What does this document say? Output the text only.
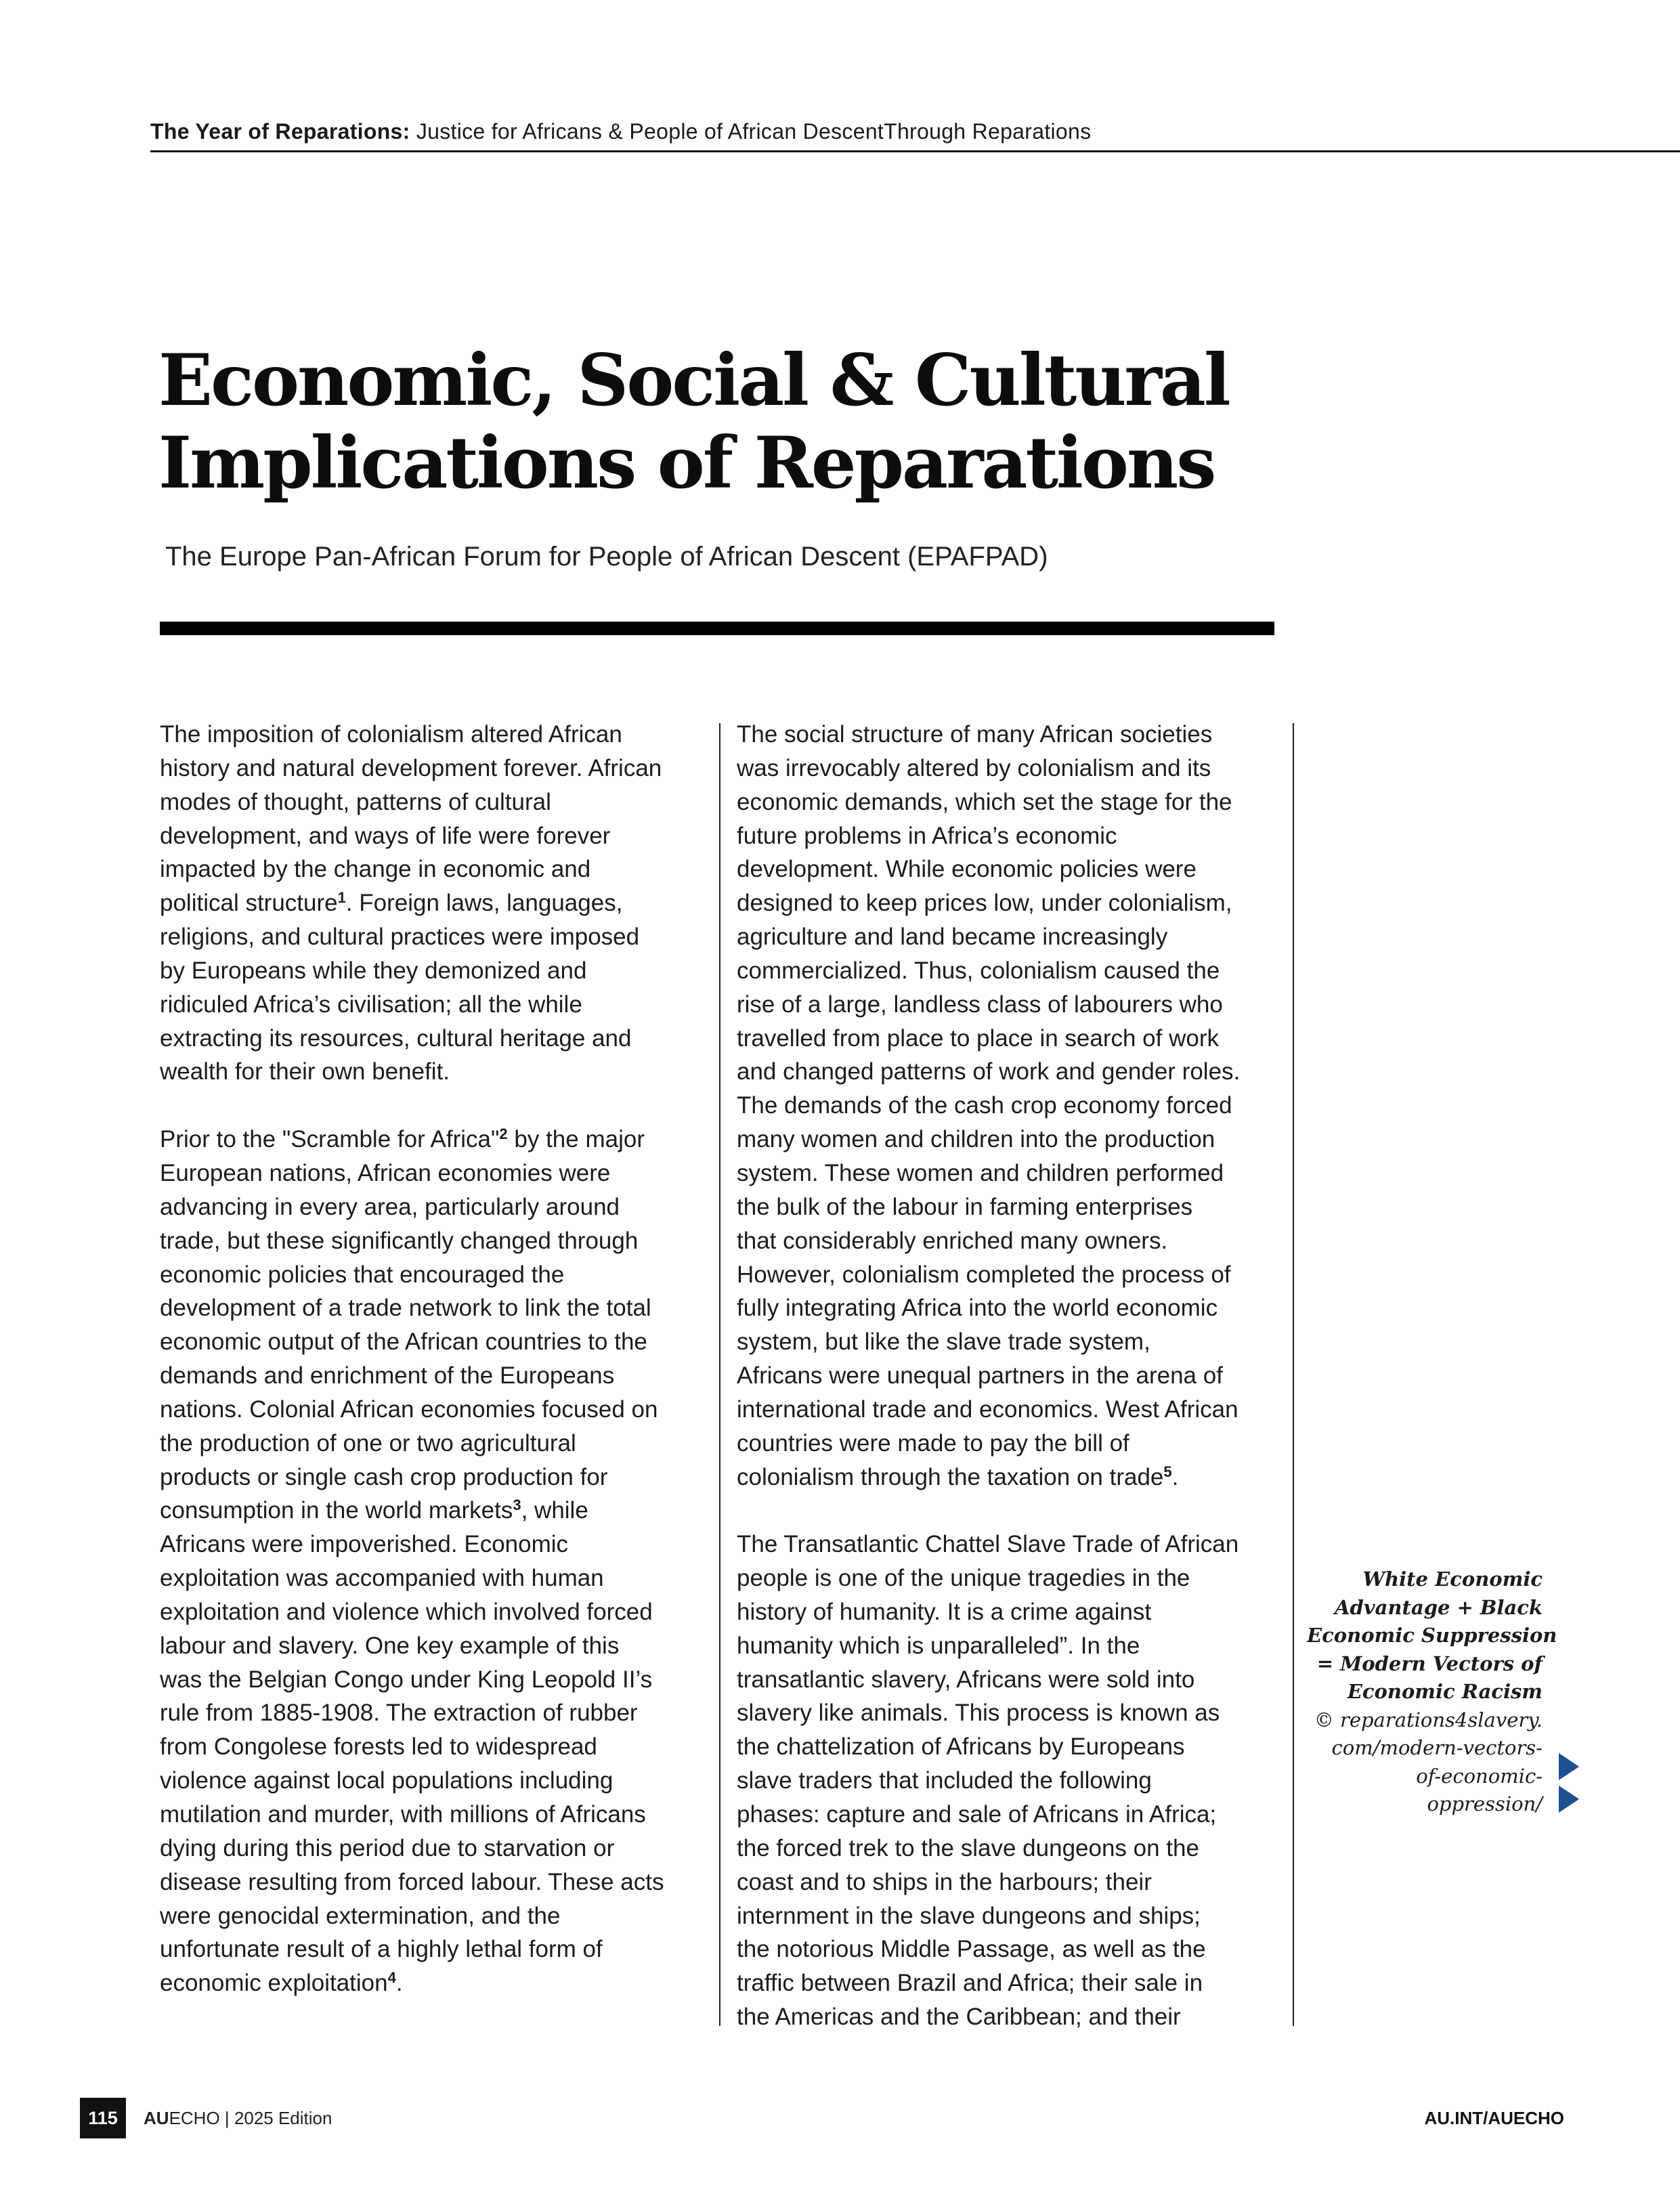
The Year of Reparations: Justice for Africans & People of African DescentThrough Reparations
Economic, Social & Cultural
Implications of Reparations
The Europe Pan-African Forum for People of African Descent (EPAFPAD)

The imposition of colonialism altered African
history and natural development forever. African
modes of thought, patterns of cultural
development, and ways of life were forever
impacted by the change in economic and
political structure$^1$. Foreign laws, languages,
religions, and cultural practices were imposed
by Europeans while they demonized and
ridiculed Africa’s civilisation; all the while
extracting its resources, cultural heritage and
wealth for their own benefit.

Prior to the "Scramble for Africa"$^2$ by the major
European nations, African economies were
advancing in every area, particularly around
trade, but these significantly changed through
economic policies that encouraged the
development of a trade network to link the total
economic output of the African countries to the
demands and enrichment of the Europeans
nations. Colonial African economies focused on
the production of one or two agricultural
products or single cash crop production for
consumption in the world markets$^3$, while
Africans were impoverished. Economic
exploitation was accompanied with human
exploitation and violence which involved forced
labour and slavery. One key example of this
was the Belgian Congo under King Leopold II’s
rule from 1885-1908. The extraction of rubber
from Congolese forests led to widespread
violence against local populations including
mutilation and murder, with millions of Africans
dying during this period due to starvation or
disease resulting from forced labour. These acts
were genocidal extermination, and the
unfortunate result of a highly lethal form of
economic exploitation$^4$.

The social structure of many African societies
was irrevocably altered by colonialism and its
economic demands, which set the stage for the
future problems in Africa’s economic
development. While economic policies were
designed to keep prices low, under colonialism,
agriculture and land became increasingly
commercialized. Thus, colonialism caused the
rise of a large, landless class of labourers who
travelled from place to place in search of work
and changed patterns of work and gender roles.
The demands of the cash crop economy forced
many women and children into the production
system. These women and children performed
the bulk of the labour in farming enterprises
that considerably enriched many owners.
However, colonialism completed the process of
fully integrating Africa into the world economic
system, but like the slave trade system,
Africans were unequal partners in the arena of
international trade and economics. West African
countries were made to pay the bill of
colonialism through the taxation on trade$^5$.

The Transatlantic Chattel Slave Trade of African
people is one of the unique tragedies in the
history of humanity. It is a crime against
humanity which is unparalleled”. In the
transatlantic slavery, Africans were sold into
slavery like animals. This process is known as
the chattelization of Africans by Europeans
slave traders that included the following
phases: capture and sale of Africans in Africa;
the forced trek to the slave dungeons on the
coast and to ships in the harbours; their
internment in the slave dungeons and ships;
the notorious Middle Passage, as well as the
traffic between Brazil and Africa; their sale in
the Americas and the Caribbean; and their

White Economic
Advantage + Black
Economic Suppression
= Modern Vectors of
Economic Racism
© reparations4slavery.
com/modern-vectors-
of-economic-
oppression/
115	AUECHO | 2025 Edition	AU.INT/AUECHO
